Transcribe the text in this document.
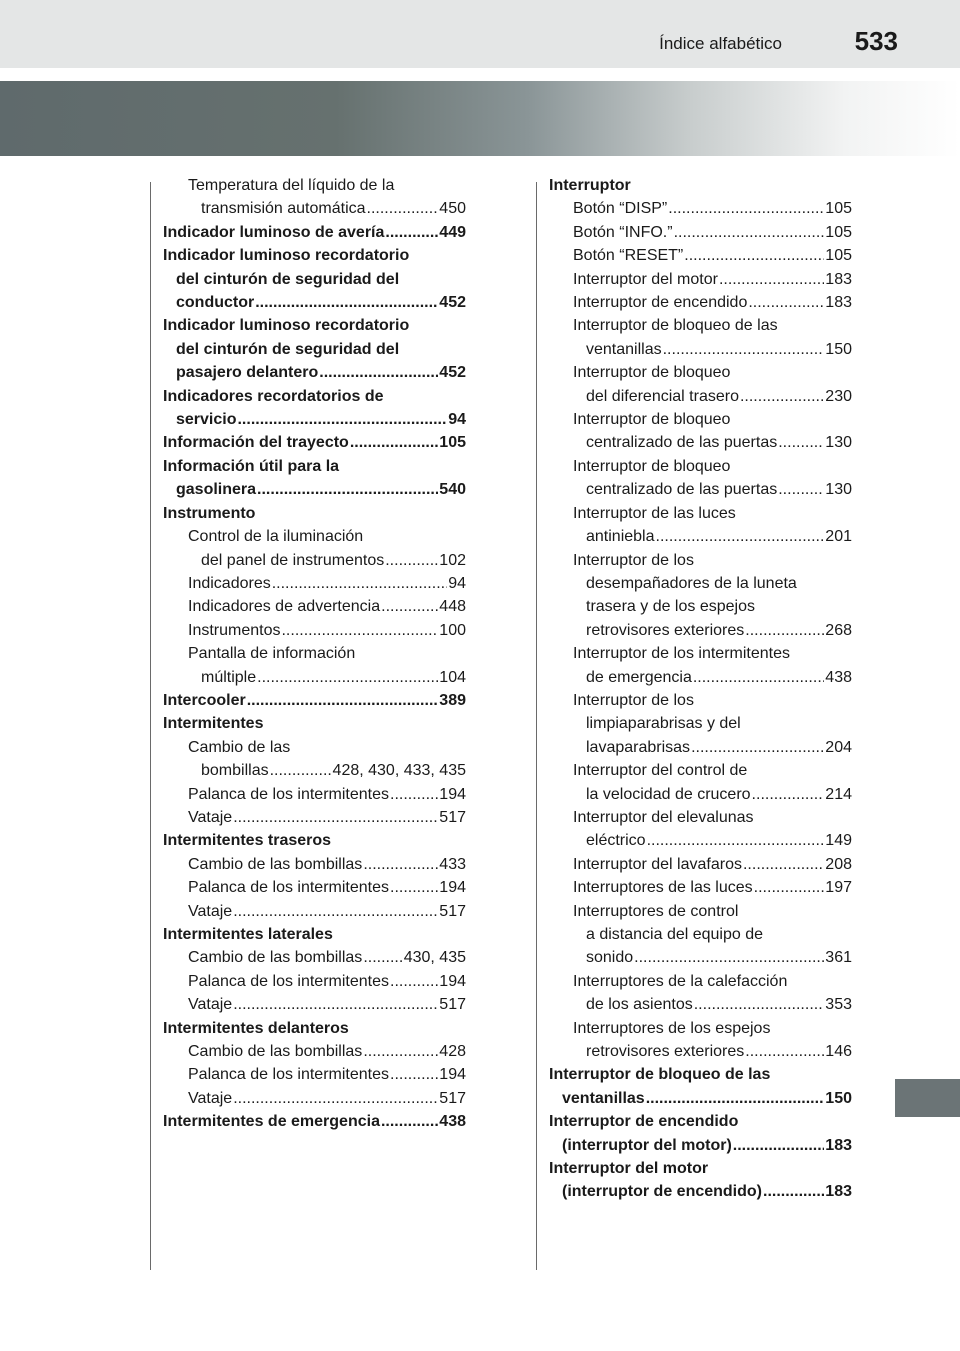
Índice alfabético	533
Temperatura del líquido de la
transmisión automática .....	450
Indicador luminoso de avería .....	449
Indicador luminoso recordatorio
del cinturón de seguridad del
conductor .....	452
Indicador luminoso recordatorio
del cinturón de seguridad del
pasajero delantero .....	452
Indicadores recordatorios de
servicio .....	94
Información del trayecto .....	105
Información útil para la
gasolinera .....	540
Instrumento
Control de la iluminación
del panel de instrumentos .....	102
Indicadores .....	94
Indicadores de advertencia .....	448
Instrumentos .....	100
Pantalla de información
múltiple .....	104
Intercooler .....	389
Intermitentes
Cambio de las
bombillas .....	428, 430, 433, 435
Palanca de los intermitentes .....	194
Vataje .....	517
Intermitentes traseros
Cambio de las bombillas .....	433
Palanca de los intermitentes .....	194
Vataje .....	517
Intermitentes laterales
Cambio de las bombillas .....	430, 435
Palanca de los intermitentes .....	194
Vataje .....	517
Intermitentes delanteros
Cambio de las bombillas .....	428
Palanca de los intermitentes .....	194
Vataje .....	517
Intermitentes de emergencia .....	438
Interruptor
Botón “DISP” .....	105
Botón “INFO.” .....	105
Botón “RESET” .....	105
Interruptor del motor .....	183
Interruptor de encendido .....	183
Interruptor de bloqueo de las
ventanillas .....	150
Interruptor de bloqueo
del diferencial trasero .....	230
Interruptor de bloqueo
centralizado de las puertas .....	130
Interruptor de bloqueo
centralizado de las puertas .....	130
Interruptor de las luces
antiniebla .....	201
Interruptor de los
desempañadores de la luneta
trasera y de los espejos
retrovisores exteriores .....	268
Interruptor de los intermitentes
de emergencia .....	438
Interruptor de los
limpiaparabrisas y del
lavaparabrisas .....	204
Interruptor del control de
la velocidad de crucero .....	214
Interruptor del elevalunas
eléctrico .....	149
Interruptor del lavafaros .....	208
Interruptores de las luces .....	197
Interruptores de control
a distancia del equipo de
sonido .....	361
Interruptores de la calefacción
de los asientos .....	353
Interruptores de los espejos
retrovisores exteriores .....	146
Interruptor de bloqueo de las
ventanillas .....	150
Interruptor de encendido
(interruptor del motor) .....	183
Interruptor del motor
(interruptor de encendido) .....	183
